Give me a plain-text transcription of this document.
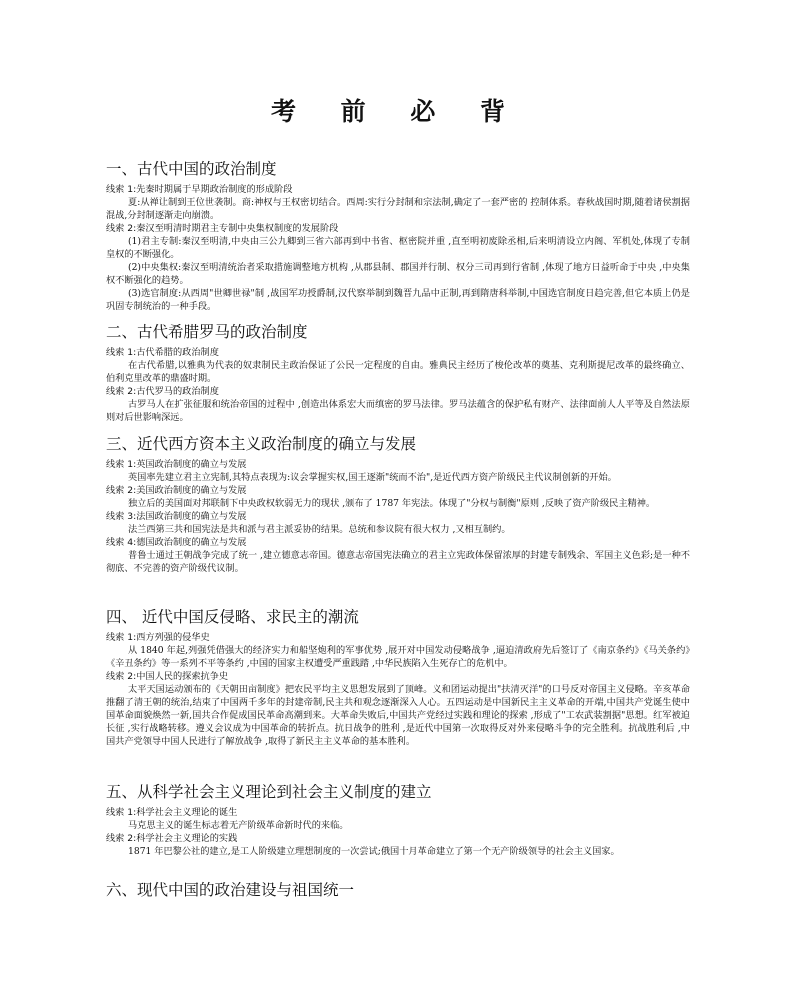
考 前 必 背
一、古代中国的政治制度
线索 1:先秦时期属于早期政治制度的形成阶段
夏:从禅让制到王位世袭制。商:神权与王权密切结合。西周:实行分封制和宗法制,确定了一套严密的 控制体系。春秋战国时期,随着诸侯割据混战,分封制逐渐走向崩溃。
线索 2:秦汉至明清时期君主专制中央集权制度的发展阶段
(1)君主专制:秦汉至明清,中央由三公九卿到三省六部再到中书省、枢密院并重 ,直至明初废除丞相,后来明清设立内阁、军机处,体现了专制皇权的不断强化。
(2)中央集权:秦汉至明清统治者采取措施调整地方机构 ,从郡县制、郡国并行制、权分三司再到行省制 ,体现了地方日益听命于中央 ,中央集权不断强化的趋势。
(3)选官制度:从西周"世卿世禄"制 ,战国军功授爵制,汉代察举制到魏晋九品中正制,再到隋唐科举制,中国选官制度日趋完善,但它本质上仍是巩固专制统治的一种手段。
二、古代希腊罗马的政治制度
线索 1:古代希腊的政治制度
在古代希腊,以雅典为代表的奴隶制民主政治保证了公民一定程度的自由。雅典民主经历了梭伦改革的奠基、克利斯提尼改革的最终确立、伯利克里改革的鼎盛时期。
线索 2:古代罗马的政治制度
古罗马人在扩张征服和统治帝国的过程中 ,创造出体系宏大而缜密的罗马法律。罗马法蕴含的保护私有财产、法律面前人人平等及自然法原则对后世影响深远。
三、近代西方资本主义政治制度的确立与发展
线索 1:英国政治制度的确立与发展
英国率先建立君主立宪制,其特点表现为:议会掌握实权,国王逐渐"统而不治",是近代西方资产阶级民主代议制创新的开始。
线索 2:美国政治制度的确立与发展
独立后的美国面对邦联制下中央政权软弱无力的现状 ,颁布了 1787 年宪法。体现了"分权与制衡"原则 ,反映了资产阶级民主精神。
线索 3:法国政治制度的确立与发展
法兰西第三共和国宪法是共和派与君主派妥协的结果。总统和参议院有很大权力 ,又相互制约。
线索 4:德国政治制度的确立与发展
普鲁士通过王朝战争完成了统一 ,建立德意志帝国。德意志帝国宪法确立的君主立宪政体保留浓厚的封建专制残余、军国主义色彩;是一种不彻底、不完善的资产阶级代议制。
四、 近代中国反侵略、求民主的潮流
线索 1:西方列强的侵华史
从 1840 年起,列强凭借强大的经济实力和船坚炮利的军事优势 ,展开对中国发动侵略战争 ,逼迫清政府先后签订了《南京条约》《马关条约》《辛丑条约》等一系列不平等条约 ,中国的国家主权遭受严重践踏 ,中华民族陷入生死存亡的危机中。
线索 2:中国人民的探索抗争史
太平天国运动颁布的《天朝田亩制度》把农民平均主义思想发展到了顶峰。义和团运动提出"扶清灭洋"的口号反对帝国主义侵略。辛亥革命推翻了清王朝的统治,结束了中国两千多年的封建帝制,民主共和观念逐渐深入人心。五四运动是中国新民主主义革命的开端,中国共产党诞生使中国革命面貌焕然一新,国共合作促成国民革命高潮到来。大革命失败后,中国共产党经过实践和理论的探索 ,形成了"工农武装割据"思想。红军被迫长征 ,实行战略转移。遵义会议成为中国革命的转折点。抗日战争的胜利 ,是近代中国第一次取得反对外来侵略斗争的完全胜利。抗战胜利后 ,中国共产党领导中国人民进行了解放战争 ,取得了新民主主义革命的基本胜利。
五、从科学社会主义理论到社会主义制度的建立
线索 1:科学社会主义理论的诞生
马克思主义的诞生标志着无产阶级革命新时代的来临。
线索 2:科学社会主义理论的实践
1871 年巴黎公社的建立,是工人阶级建立理想制度的一次尝试;俄国十月革命建立了第一个无产阶级领导的社会主义国家。
六、现代中国的政治建设与祖国统一
